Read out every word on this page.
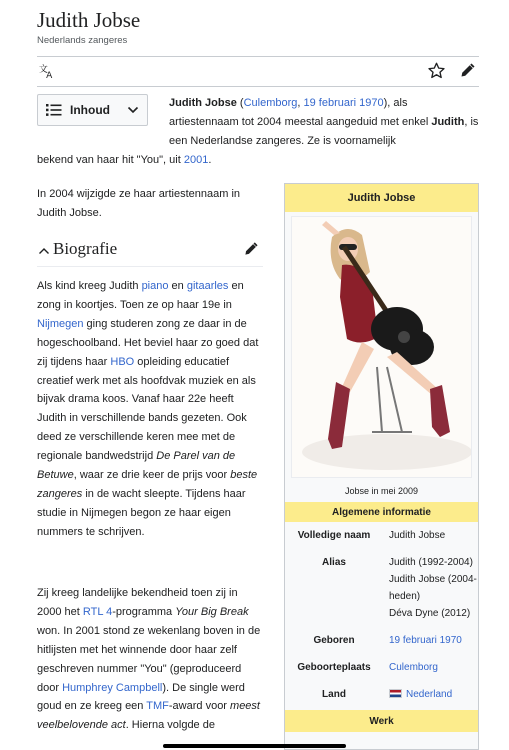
Judith Jobse
Nederlands zangeres
文
A
Inhoud	Judith Jobse (Culemborg, 19 februari 1970), als artiestennaam tot 2004 meestal aangeduid met enkel Judith, is een Nederlandse zangeres. Ze is voornamelijk
bekend van haar hit "You", uit 2001.
In 2004 wijzigde ze haar artiestennaam in Judith Jobse.
Biografie
Als kind kreeg Judith piano en gitaarles en zong in koortjes. Toen ze op haar 19e in Nijmegen ging studeren zong ze daar in de hogeschoolband. Het beviel haar zo goed dat zij tijdens haar HBO opleiding educatief creatief werk met als hoofdvak muziek en als bijvak drama koos. Vanaf haar 22e heeft Judith in verschillende bands gezeten. Ook deed ze verschillende keren mee met de regionale bandwedstrijd De Parel van de Betuwe, waar ze drie keer de prijs voor beste zangeres in de wacht sleepte. Tijdens haar studie in Nijmegen begon ze haar eigen nummers te schrijven.
Zij kreeg landelijke bekendheid toen zij in 2000 het RTL 4-programma Your Big Break won. In 2001 stond ze wekenlang boven in de hitlijsten met het winnende door haar zelf geschreven nummer "You" (geproduceerd door Humphrey Campbell). De single werd goud en ze kreeg een TMF-award voor meest veelbelovende act. Hierna volgde de
Judith Jobse
Jobse in mei 2009
Algemene informatie
Volledige naam	Judith Jobse
Alias	Judith (1992-2004)
Judith Jobse (2004-heden)
Déva Dyne (2012)
Geboren	19 februari 1970
Geboorteplaats	Culemborg
Land	Nederland
Werk
